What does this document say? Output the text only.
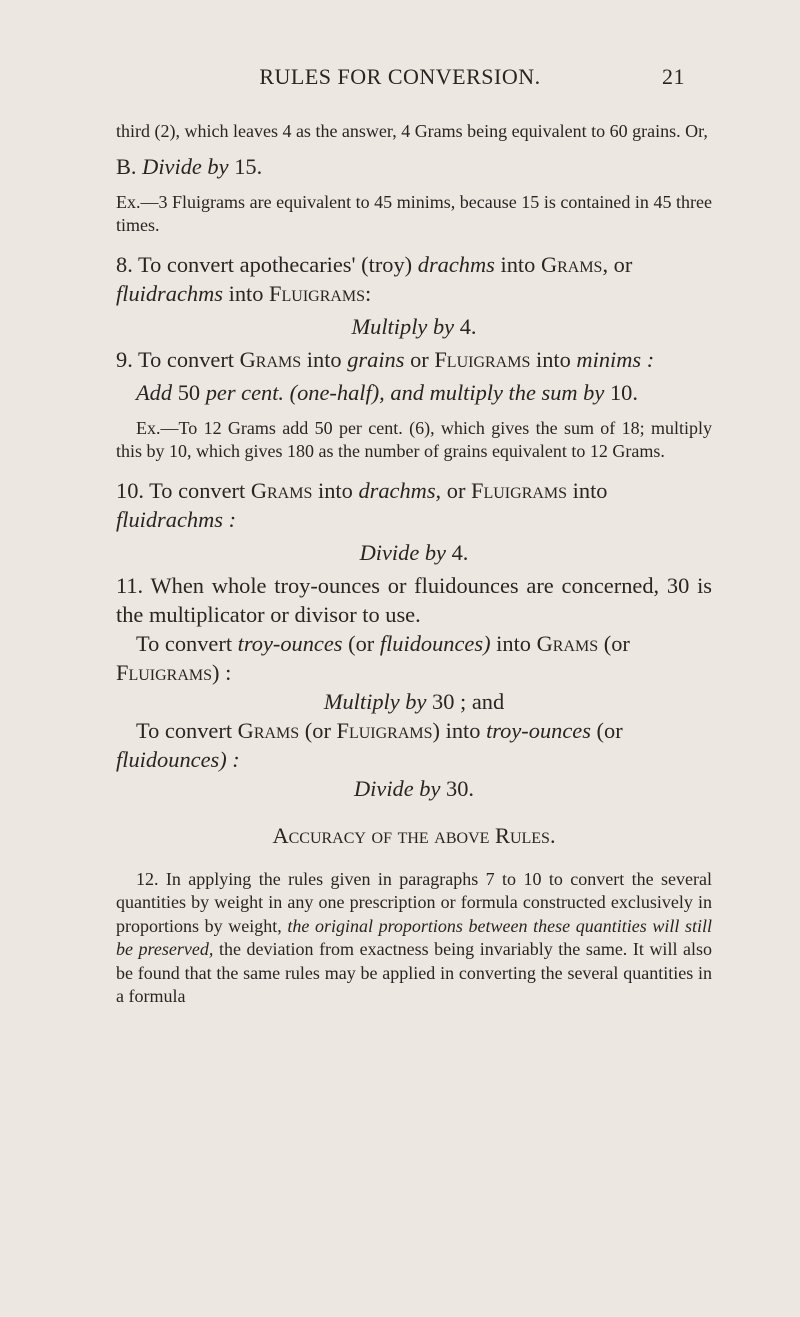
RULES FOR CONVERSION.	21

third (2), which leaves 4 as the answer, 4 Grams being equivalent to 60 grains. Or,

B. Divide by 15.

Ex.—3 Fluigrams are equivalent to 45 minims, because 15 is contained in 45 three times.

8. To convert apothecaries' (troy) drachms into Grams, or fluidrachms into Fluigrams:

Multiply by 4.

9. To convert Grams into grains or Fluigrams into minims :

Add 50 per cent. (one-half), and multiply the sum by 10.

Ex.—To 12 Grams add 50 per cent. (6), which gives the sum of 18; multiply this by 10, which gives 180 as the number of grains equivalent to 12 Grams.

10. To convert Grams into drachms, or Fluigrams into fluidrachms :

Divide by 4.

11. When whole troy-ounces or fluidounces are concerned, 30 is the multiplicator or divisor to use.

To convert troy-ounces (or fluidounces) into Grams (or Fluigrams) :

Multiply by 30 ; and

To convert Grams (or Fluigrams) into troy-ounces (or fluidounces) :

Divide by 30.

Accuracy of the above Rules.

12. In applying the rules given in paragraphs 7 to 10 to convert the several quantities by weight in any one prescription or formula constructed exclusively in proportions by weight, the original proportions between these quantities will still be preserved, the deviation from exactness being invariably the same. It will also be found that the same rules may be applied in converting the several quantities in a formula
